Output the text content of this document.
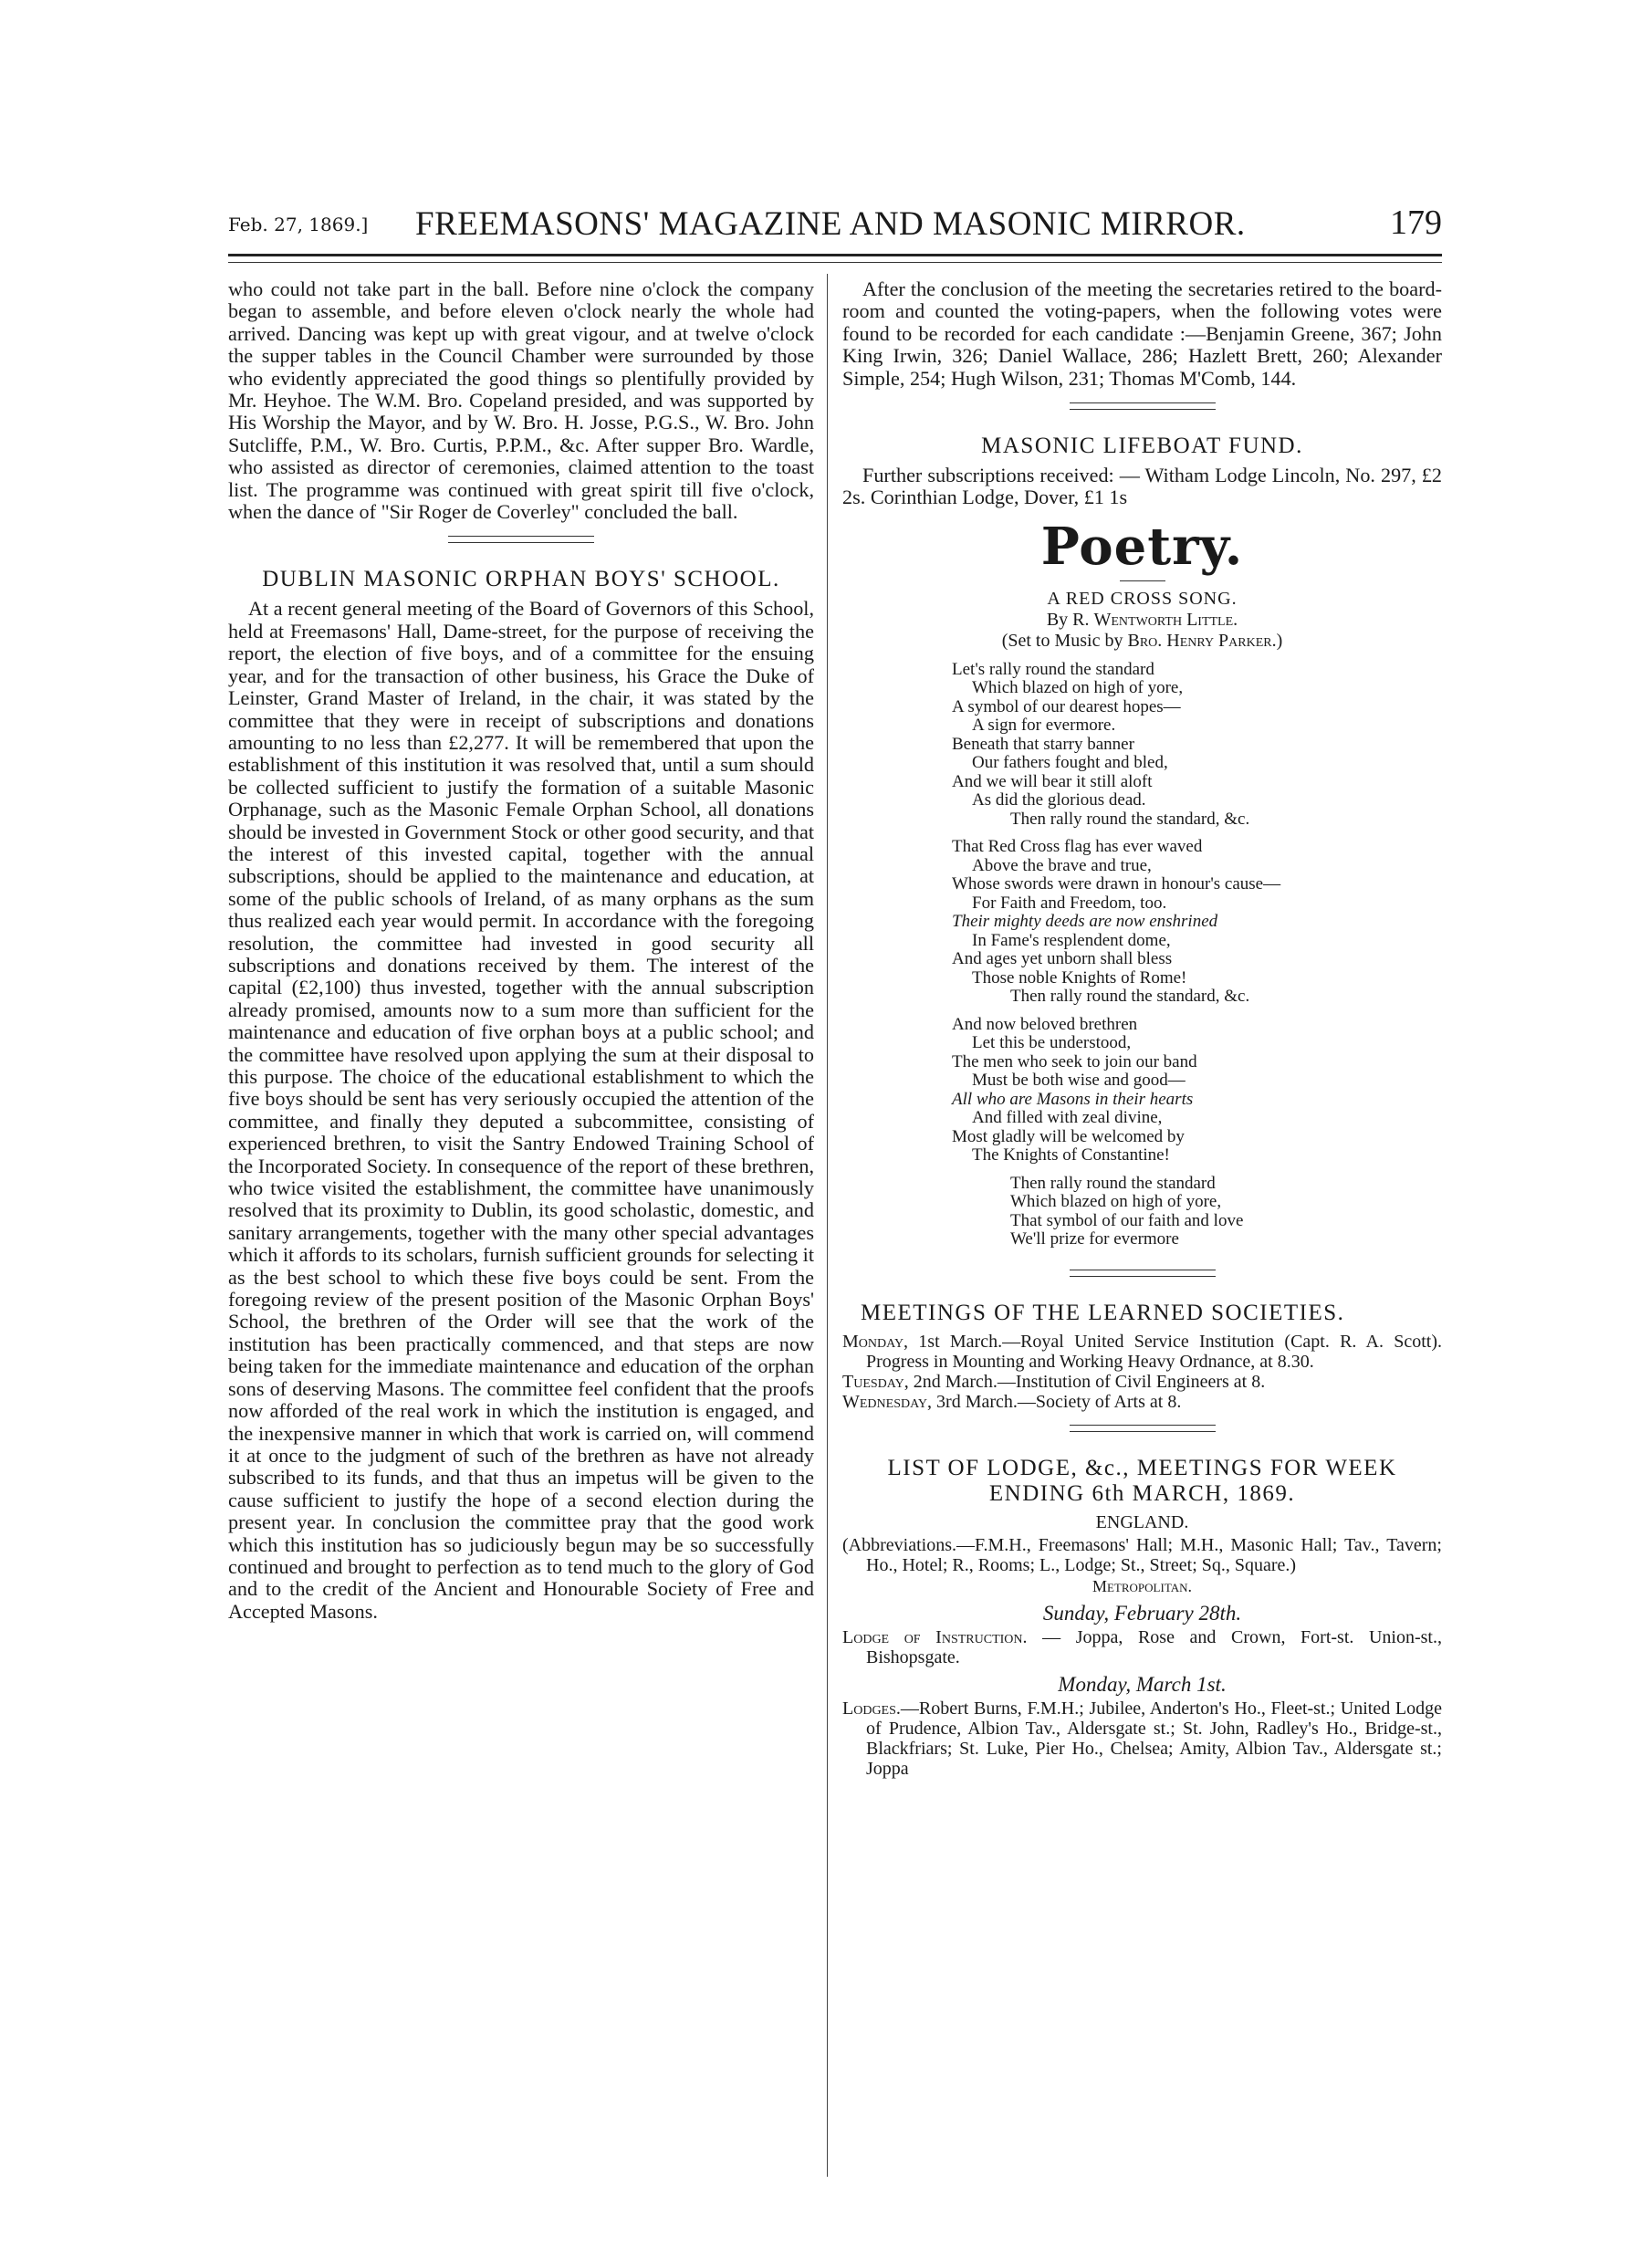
Feb. 27, 1869.] FREEMASONS' MAGAZINE AND MASONIC MIRROR.	179

who could not take part in the ball. Before nine o'clock the company began to assemble, and before eleven o'clock nearly the whole had arrived. Dancing was kept up with great vigour, and at twelve o'clock the supper tables in the Council Chamber were surrounded by those who evidently appreciated the good things so plentifully provided by Mr. Heyhoe. The W.M. Bro. Copeland presided, and was supported by His Worship the Mayor, and by W. Bro. H. Josse, P.G.S., W. Bro. John Sutcliffe, P.M., W. Bro. Curtis, P.P.M., &c. After supper Bro. Wardle, who assisted as director of ceremonies, claimed attention to the toast list. The programme was continued with great spirit till five o'clock, when the dance of "Sir Roger de Coverley" concluded the ball.

DUBLIN MASONIC ORPHAN BOYS' SCHOOL.

At a recent general meeting of the Board of Governors of this School, held at Freemasons' Hall, Dame-street, for the purpose of receiving the report, the election of five boys, and of a committee for the ensuing year, and for the transaction of other business, his Grace the Duke of Leinster, Grand Master of Ireland, in the chair, it was stated by the committee that they were in receipt of subscriptions and donations amounting to no less than £2,277. It will be remembered that upon the establishment of this institution it was resolved that, until a sum should be collected sufficient to justify the formation of a suitable Masonic Orphanage, such as the Masonic Female Orphan School, all donations should be invested in Government Stock or other good security, and that the interest of this invested capital, together with the annual subscriptions, should be applied to the maintenance and education, at some of the public schools of Ireland, of as many orphans as the sum thus realized each year would permit. In accordance with the foregoing resolution, the committee had invested in good security all subscriptions and donations received by them. The interest of the capital (£2,100) thus invested, together with the annual subscription already promised, amounts now to a sum more than sufficient for the maintenance and education of five orphan boys at a public school; and the committee have resolved upon applying the sum at their disposal to this purpose. The choice of the educational establishment to which the five boys should be sent has very seriously occupied the attention of the committee, and finally they deputed a subcommittee, consisting of experienced brethren, to visit the Santry Endowed Training School of the Incorporated Society. In consequence of the report of these brethren, who twice visited the establishment, the committee have unanimously resolved that its proximity to Dublin, its good scholastic, domestic, and sanitary arrangements, together with the many other special advantages which it affords to its scholars, furnish sufficient grounds for selecting it as the best school to which these five boys could be sent. From the foregoing review of the present position of the Masonic Orphan Boys' School, the brethren of the Order will see that the work of the institution has been practically commenced, and that steps are now being taken for the immediate maintenance and education of the orphan sons of deserving Masons. The committee feel confident that the proofs now afforded of the real work in which the institution is engaged, and the inexpensive manner in which that work is carried on, will commend it at once to the judgment of such of the brethren as have not already subscribed to its funds, and that thus an impetus will be given to the cause sufficient to justify the hope of a second election during the present year. In conclusion the committee pray that the good work which this institution has so judiciously begun may be so successfully continued and brought to perfection as to tend much to the glory of God and to the credit of the Ancient and Honourable Society of Free and Accepted Masons.

After the conclusion of the meeting the secretaries retired to the board-room and counted the voting-papers, when the following votes were found to be recorded for each candidate :—Benjamin Greene, 367; John King Irwin, 326; Daniel Wallace, 286; Hazlett Brett, 260; Alexander Simple, 254; Hugh Wilson, 231; Thomas M'Comb, 144.

MASONIC LIFEBOAT FUND.

Further subscriptions received: — Witham Lodge Lincoln, No. 297, £2 2s. Corinthian Lodge, Dover, £1 1s

Poetry.

A RED CROSS SONG.

By R. Wentworth Little.

(Set to Music by Bro. Henry Parker.)

Let's rally round the standard
Which blazed on high of yore,
A symbol of our dearest hopes—
A sign for evermore.
Beneath that starry banner
Our fathers fought and bled,
And we will bear it still aloft
As did the glorious dead.
Then rally round the standard, &c.
That Red Cross flag has ever waved
Above the brave and true,
Whose swords were drawn in honour's cause—
For Faith and Freedom, too.
Their mighty deeds are now enshrined
In Fame's resplendent dome,
And ages yet unborn shall bless
Those noble Knights of Rome!
Then rally round the standard, &c.
And now beloved brethren
Let this be understood,
The men who seek to join our band
Must be both wise and good—
All who are Masons in their hearts
And filled with zeal divine,
Most gladly will be welcomed by
The Knights of Constantine!
Then rally round the standard
Which blazed on high of yore,
That symbol of our faith and love
We'll prize for evermore
MEETINGS OF THE LEARNED SOCIETIES.

Monday, 1st March.—Royal United Service Institution (Capt. R. A. Scott). Progress in Mounting and Working Heavy Ordnance, at 8.30.

Tuesday, 2nd March.—Institution of Civil Engineers at 8.

Wednesday, 3rd March.—Society of Arts at 8.

LIST OF LODGE, &c., MEETINGS FOR WEEK ENDING 6th MARCH, 1869.

ENGLAND.

(Abbreviations.—F.M.H., Freemasons' Hall; M.H., Masonic Hall; Tav., Tavern; Ho., Hotel; R., Rooms; L., Lodge; St., Street; Sq., Square.)

Metropolitan.

Sunday, February 28th.

Lodge of Instruction. — Joppa, Rose and Crown, Fort-st. Union-st., Bishopsgate.

Monday, March 1st.

Lodges.—Robert Burns, F.M.H.; Jubilee, Anderton's Ho., Fleet-st.; United Lodge of Prudence, Albion Tav., Aldersgate st.; St. John, Radley's Ho., Bridge-st., Blackfriars; St. Luke, Pier Ho., Chelsea; Amity, Albion Tav., Aldersgate st.; Joppa
